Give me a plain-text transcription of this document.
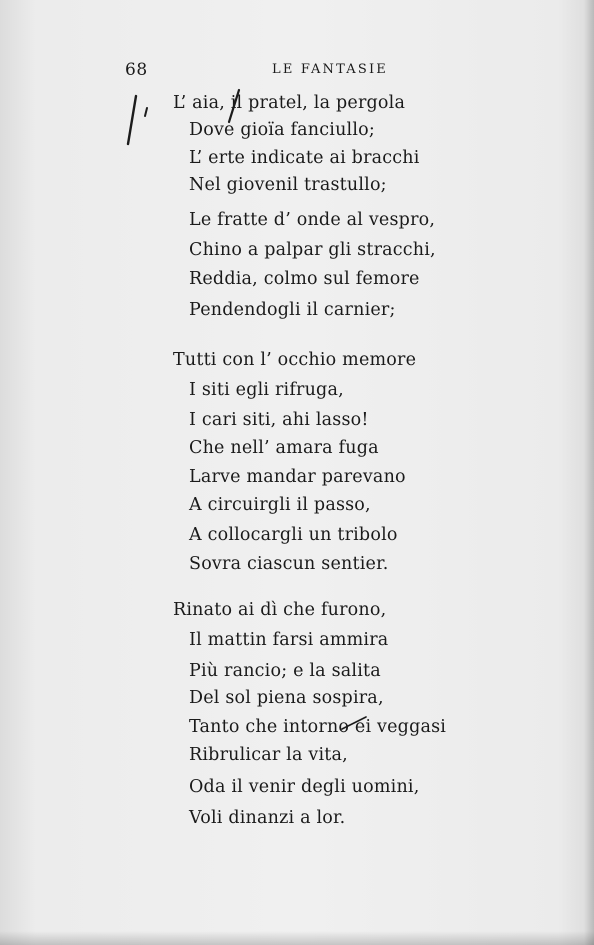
68	LE FANTASIE
L’ aia, il pratel, la pergola
Dove gioïa fanciullo;
L’ erte indicate ai bracchi
Nel giovenil trastullo;
Le fratte d’ onde al vespro,
Chino a palpar gli stracchi,
Reddia, colmo sul femore
Pendendogli il carnier;
Tutti con l’ occhio memore
I siti egli rifruga,
I cari siti, ahi lasso!
Che nell’ amara fuga
Larve mandar parevano
A circuirgli il passo,
A collocargli un tribolo
Sovra ciascun sentier.
Rinato ai dì che furono,
Il mattin farsi ammira
Più rancio; e la salita
Del sol piena sospira,
Tanto che intorno ei veggasi
Ribrulicar la vita,
Oda il venir degli uomini,
Voli dinanzi a lor.
